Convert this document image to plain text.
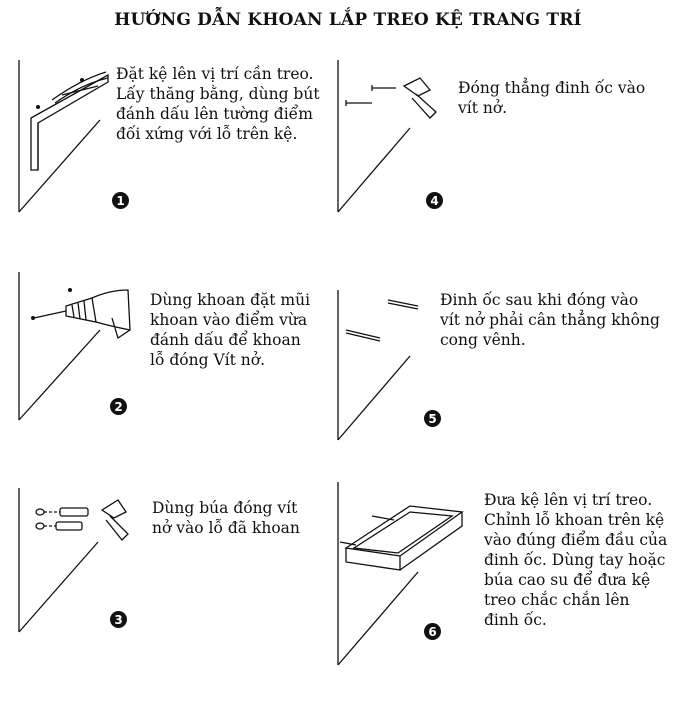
HƯỚNG DẪN KHOAN LẮP TREO KỆ TRANG TRÍ
Đặt kệ lên vị trí cần treo.
Lấy thăng bằng, dùng bút
đánh dấu lên tường điểm
đối xứng với lỗ trên kệ.
1
Dùng khoan đặt mũi
khoan vào điểm vừa
đánh dấu để khoan
lỗ đóng Vít nở.
2
Dùng búa đóng vít
nở vào lỗ đã khoan
3
Đóng thẳng đinh ốc vào
vít nở.
4
Đinh ốc sau khi đóng vào
vít nở phải cân thẳng không
cong vênh.
5
Đưa kệ lên vị trí treo.
Chỉnh lỗ khoan trên kệ
vào đúng điểm đầu của
đinh ốc. Dùng tay hoặc
búa cao su để đưa kệ
treo chắc chắn lên
đinh ốc.
6
